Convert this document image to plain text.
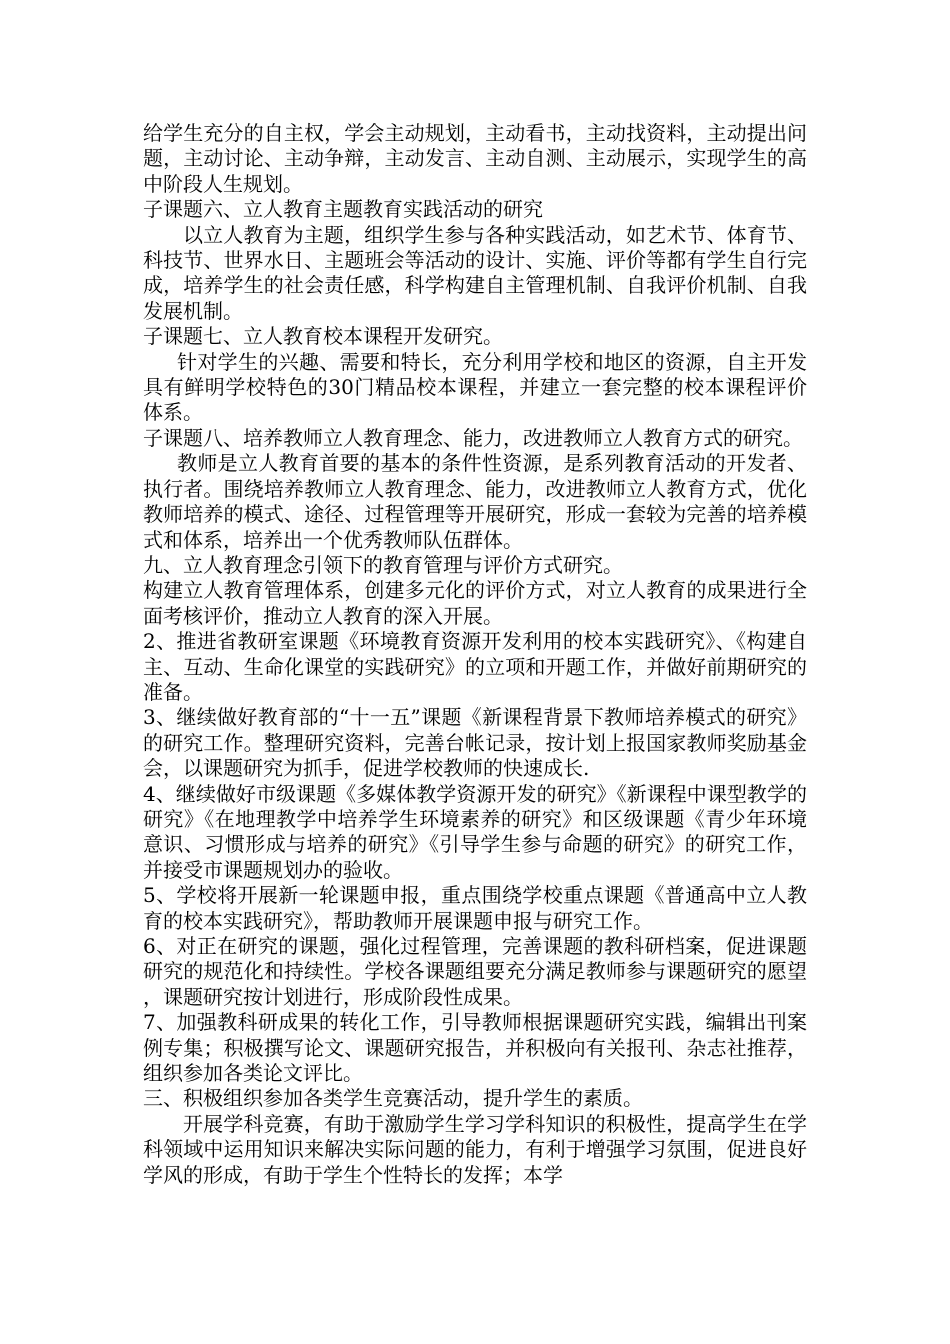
给学生充分的自主权，学会主动规划，主动看书，主动找资料，主动提出问题，主动讨论、主动争辩，主动发言、主动自测、主动展示，实现学生的高中阶段人生规划。

子课题六、立人教育主题教育实践活动的研究

以立人教育为主题，组织学生参与各种实践活动，如艺术节、体育节、科技节、世界水日、主题班会等活动的设计、实施、评价等都有学生自行完成，培养学生的社会责任感，科学构建自主管理机制、自我评价机制、自我发展机制。

子课题七、立人教育校本课程开发研究。

针对学生的兴趣、需要和特长，充分利用学校和地区的资源，自主开发具有鲜明学校特色的30门精品校本课程，并建立一套完整的校本课程评价体系。

子课题八、培养教师立人教育理念、能力，改进教师立人教育方式的研究。

教师是立人教育首要的基本的条件性资源，是系列教育活动的开发者、执行者。围绕培养教师立人教育理念、能力，改进教师立人教育方式，优化教师培养的模式、途径、过程管理等开展研究，形成一套较为完善的培养模式和体系，培养出一个优秀教师队伍群体。

九、立人教育理念引领下的教育管理与评价方式研究。

构建立人教育管理体系，创建多元化的评价方式，对立人教育的成果进行全面考核评价，推动立人教育的深入开展。

2、推进省教研室课题《环境教育资源开发利用的校本实践研究》、《构建自主、互动、生命化课堂的实践研究》的立项和开题工作，并做好前期研究的准备。

3、继续做好教育部的“十一五”课题《新课程背景下教师培养模式的研究》的研究工作。整理研究资料，完善台帐记录，按计划上报国家教师奖励基金会，以课题研究为抓手，促进学校教师的快速成长.

4、继续做好市级课题《多媒体教学资源开发的研究》《新课程中课型教学的研究》《在地理教学中培养学生环境素养的研究》和区级课题《青少年环境意识、习惯形成与培养的研究》《引导学生参与命题的研究》的研究工作，并接受市课题规划办的验收。

5、学校将开展新一轮课题申报，重点围绕学校重点课题《普通高中立人教育的校本实践研究》，帮助教师开展课题申报与研究工作。

6、对正在研究的课题，强化过程管理，完善课题的教科研档案，促进课题研究的规范化和持续性。学校各课题组要充分满足教师参与课题研究的愿望，课题研究按计划进行，形成阶段性成果。

7、加强教科研成果的转化工作，引导教师根据课题研究实践，编辑出刊案例专集；积极撰写论文、课题研究报告，并积极向有关报刊、杂志社推荐，组织参加各类论文评比。

三、积极组织参加各类学生竞赛活动，提升学生的素质。

开展学科竞赛，有助于激励学生学习学科知识的积极性，提高学生在学科领域中运用知识来解决实际问题的能力，有利于增强学习氛围，促进良好学风的形成，有助于学生个性特长的发挥；本学
